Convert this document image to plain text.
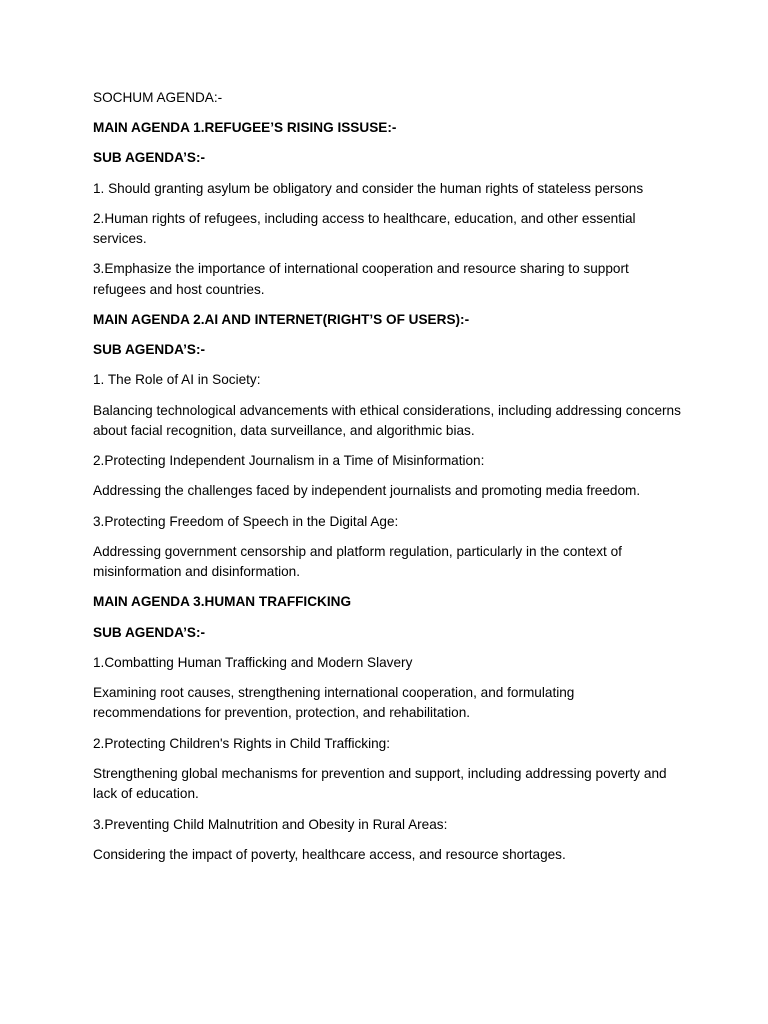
SOCHUM AGENDA:-

MAIN AGENDA 1.REFUGEE’S RISING ISSUSE:-

SUB AGENDA’S:-

1. Should granting asylum be obligatory and consider the human rights of stateless persons

2.Human rights of refugees, including access to healthcare, education, and other essential services.

3.Emphasize the importance of international cooperation and resource sharing to support refugees and host countries.

MAIN AGENDA 2.AI AND INTERNET(RIGHT’S OF USERS):-

SUB AGENDA’S:-

1. The Role of AI in Society:

Balancing technological advancements with ethical considerations, including addressing concerns about facial recognition, data surveillance, and algorithmic bias.

2.Protecting Independent Journalism in a Time of Misinformation:

Addressing the challenges faced by independent journalists and promoting media freedom.

3.Protecting Freedom of Speech in the Digital Age:

Addressing government censorship and platform regulation, particularly in the context of misinformation and disinformation.

MAIN AGENDA 3.HUMAN TRAFFICKING

SUB AGENDA’S:-

1.Combatting Human Trafficking and Modern Slavery

Examining root causes, strengthening international cooperation, and formulating recommendations for prevention, protection, and rehabilitation.

2.Protecting Children's Rights in Child Trafficking:

Strengthening global mechanisms for prevention and support, including addressing poverty and lack of education.

3.Preventing Child Malnutrition and Obesity in Rural Areas:

Considering the impact of poverty, healthcare access, and resource shortages.
